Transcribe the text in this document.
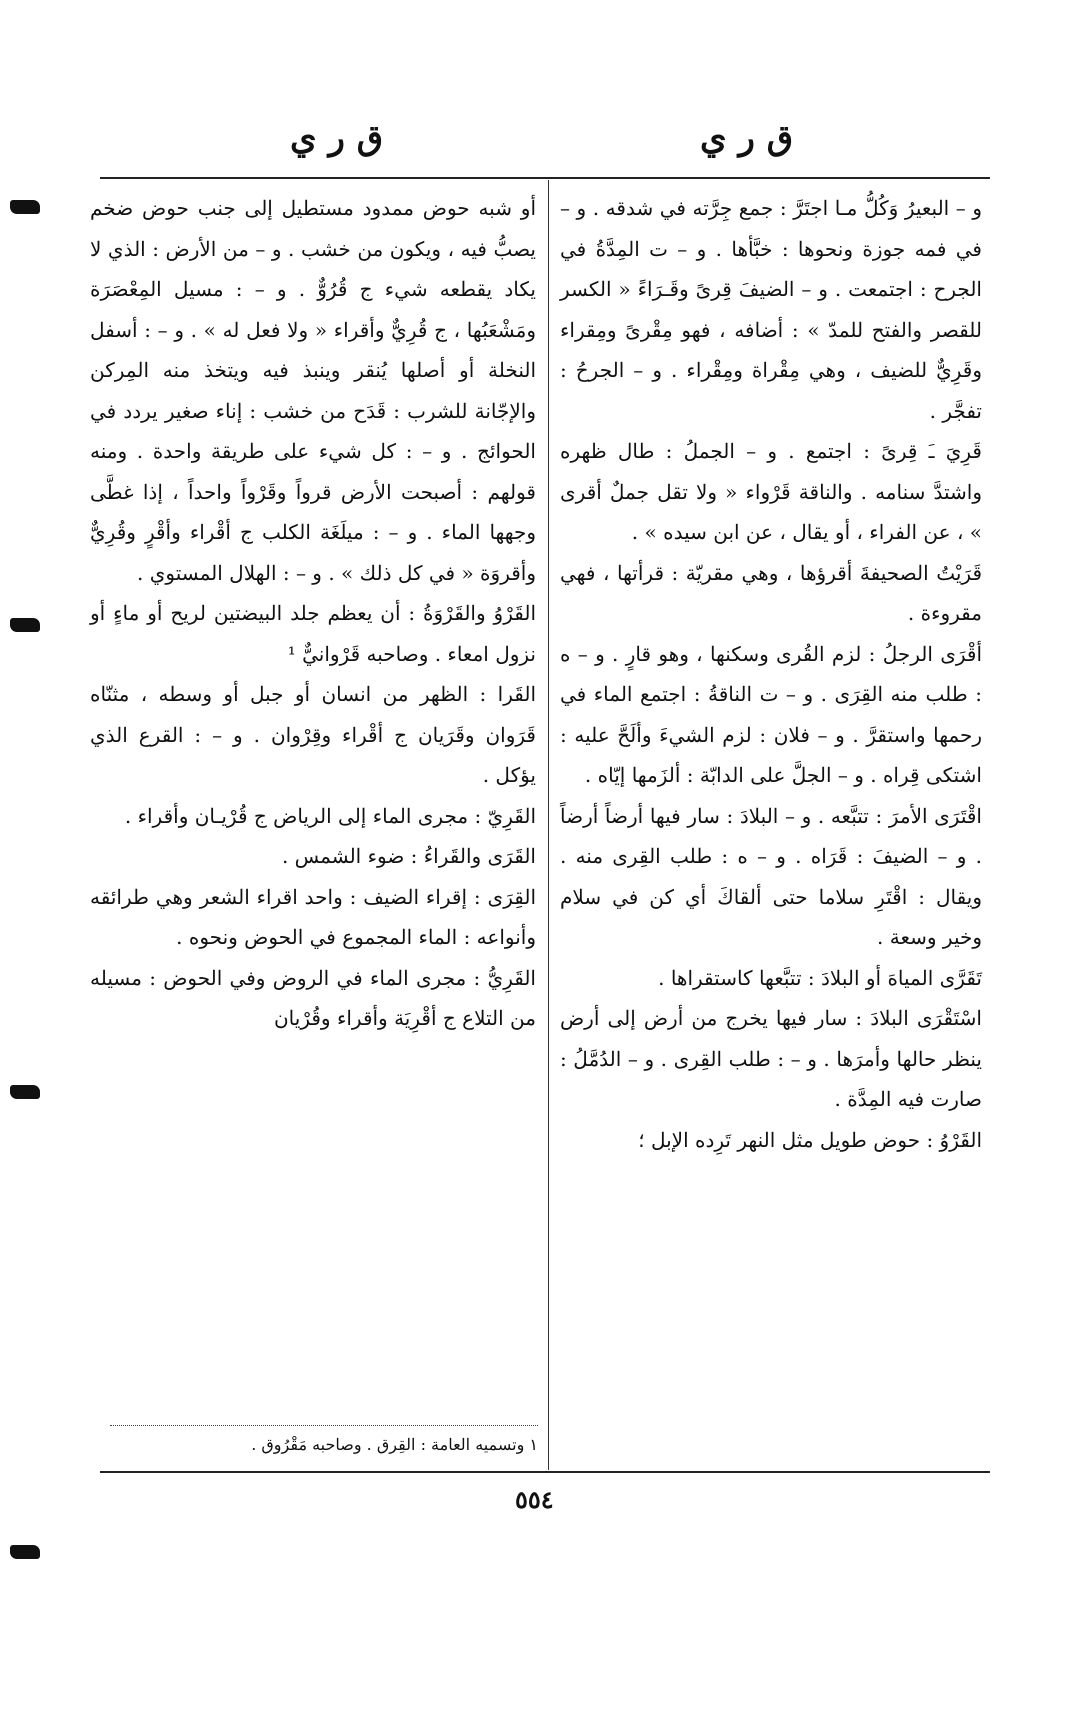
ق ر ي
ق ر ي

و – البعيرُ وَكُلُّ مـا اجتَرَّ : جمع جِرَّته في شدقه . و – في فمه جوزة ونحوها : خبَّأها . و – ت المِدَّةُ في الجرح : اجتمعت . و – الضيفَ قِرىً وقَـرَاءً « الكسر للقصر والفتح للمدّ » : أضافه ، فهو مِقْرىً ومِقراء وقَرِيٌّ للضيف ، وهي مِقْراة ومِقْراء . و – الجرحُ : تفجَّر .

قَرِيَ ـَ قِرىً : اجتمع . و – الجملُ : طال ظهره واشتدَّ سنامه . والناقة قَرْواء « ولا تقل جملٌ أقرى » ، عن الفراء ، أو يقال ، عن ابن سيده » .

قَرَيْتُ الصحيفةَ أقرؤها ، وهي مقريّة : قرأتها ، فهي مقروءة .

أقْرَى الرجلُ : لزم القُرى وسكنها ، وهو قارٍ . و – ه : طلب منه القِرَى . و – ت الناقةُ : اجتمع الماء في رحمها واستقرَّ . و – فلان : لزم الشيءَ وألَحَّ عليه : اشتكى قِراه . و – الجلَّ على الدابّة : ألزَمها إيّاه .

اقْتَرَى الأمرَ : تتبَّعه . و – البلادَ : سار فيها أرضاً أرضاً . و – الضيفَ : قَرَاه . و – ه : طلب القِرى منه . ويقال : اقْتَرِ سلاما حتى ألقاكَ أي كن في سلام وخير وسعة .

تَقَرَّى المياهَ أو البلادَ : تتبَّعها كاستقراها .

اسْتَقْرَى البلادَ : سار فيها يخرج من أرض إلى أرض ينظر حالها وأمرَها . و – : طلب القِرى . و – الدُمَّلُ : صارت فيه المِدَّة .

القَرْوُ : حوض طويل مثل النهر تَرِده الإبل ؛

أو شبه حوض ممدود مستطيل إلى جنب حوض ضخم يصبُّ فيه ، ويكون من خشب . و – من الأرض : الذي لا يكاد يقطعه شيء ج قُرُوٌّ . و – : مسيل المِعْصَرَة ومَشْعَبُها ، ج قُرِيٌّ وأقراء « ولا فعل له » . و – : أسفل النخلة أو أصلها يُنقر وينبذ فيه ويتخذ منه المِركن والإجّانة للشرب : قَدَح من خشب : إناء صغير يردد في الحوائج . و – : كل شيء على طريقة واحدة . ومنه قولهم : أصبحت الأرض قرواً وقَرْواً واحداً ، إذا غطَّى وجهها الماء . و – : ميلَغَة الكلب ج أقْراء وأقْرٍ وقُرِيٌّ وأقروَة « في كل ذلك » . و – : الهلال المستوي .

القَرْوُ والقَرْوَةُ : أن يعظم جلد البيضتين لريح أو ماءٍ أو نزول امعاء . وصاحبه قَرْوانيٌّ ¹

القَرا : الظهر من انسان أو جبل أو وسطه ، مثنّاه قَرَوان وقَرَيان ج أقْراء وقِرْوان . و – : القرع الذي يؤكل .

القَرِيّ : مجرى الماء إلى الرياض ج قُرْيـان وأقراء .

القَرَى والقَراءُ : ضوء الشمس .

القِرَى : إقراء الضيف : واحد اقراء الشعر وهي طرائقه وأنواعه : الماء المجموع في الحوض ونحوه .

القَرِيُّ : مجرى الماء في الروض وفي الحوض : مسيله من التلاع ج أقْرِيَة وأقراء وقُرْيان

١ وتسميه العامة : القِرق . وصاحبه مَقْرُوق .
٥٥٤
